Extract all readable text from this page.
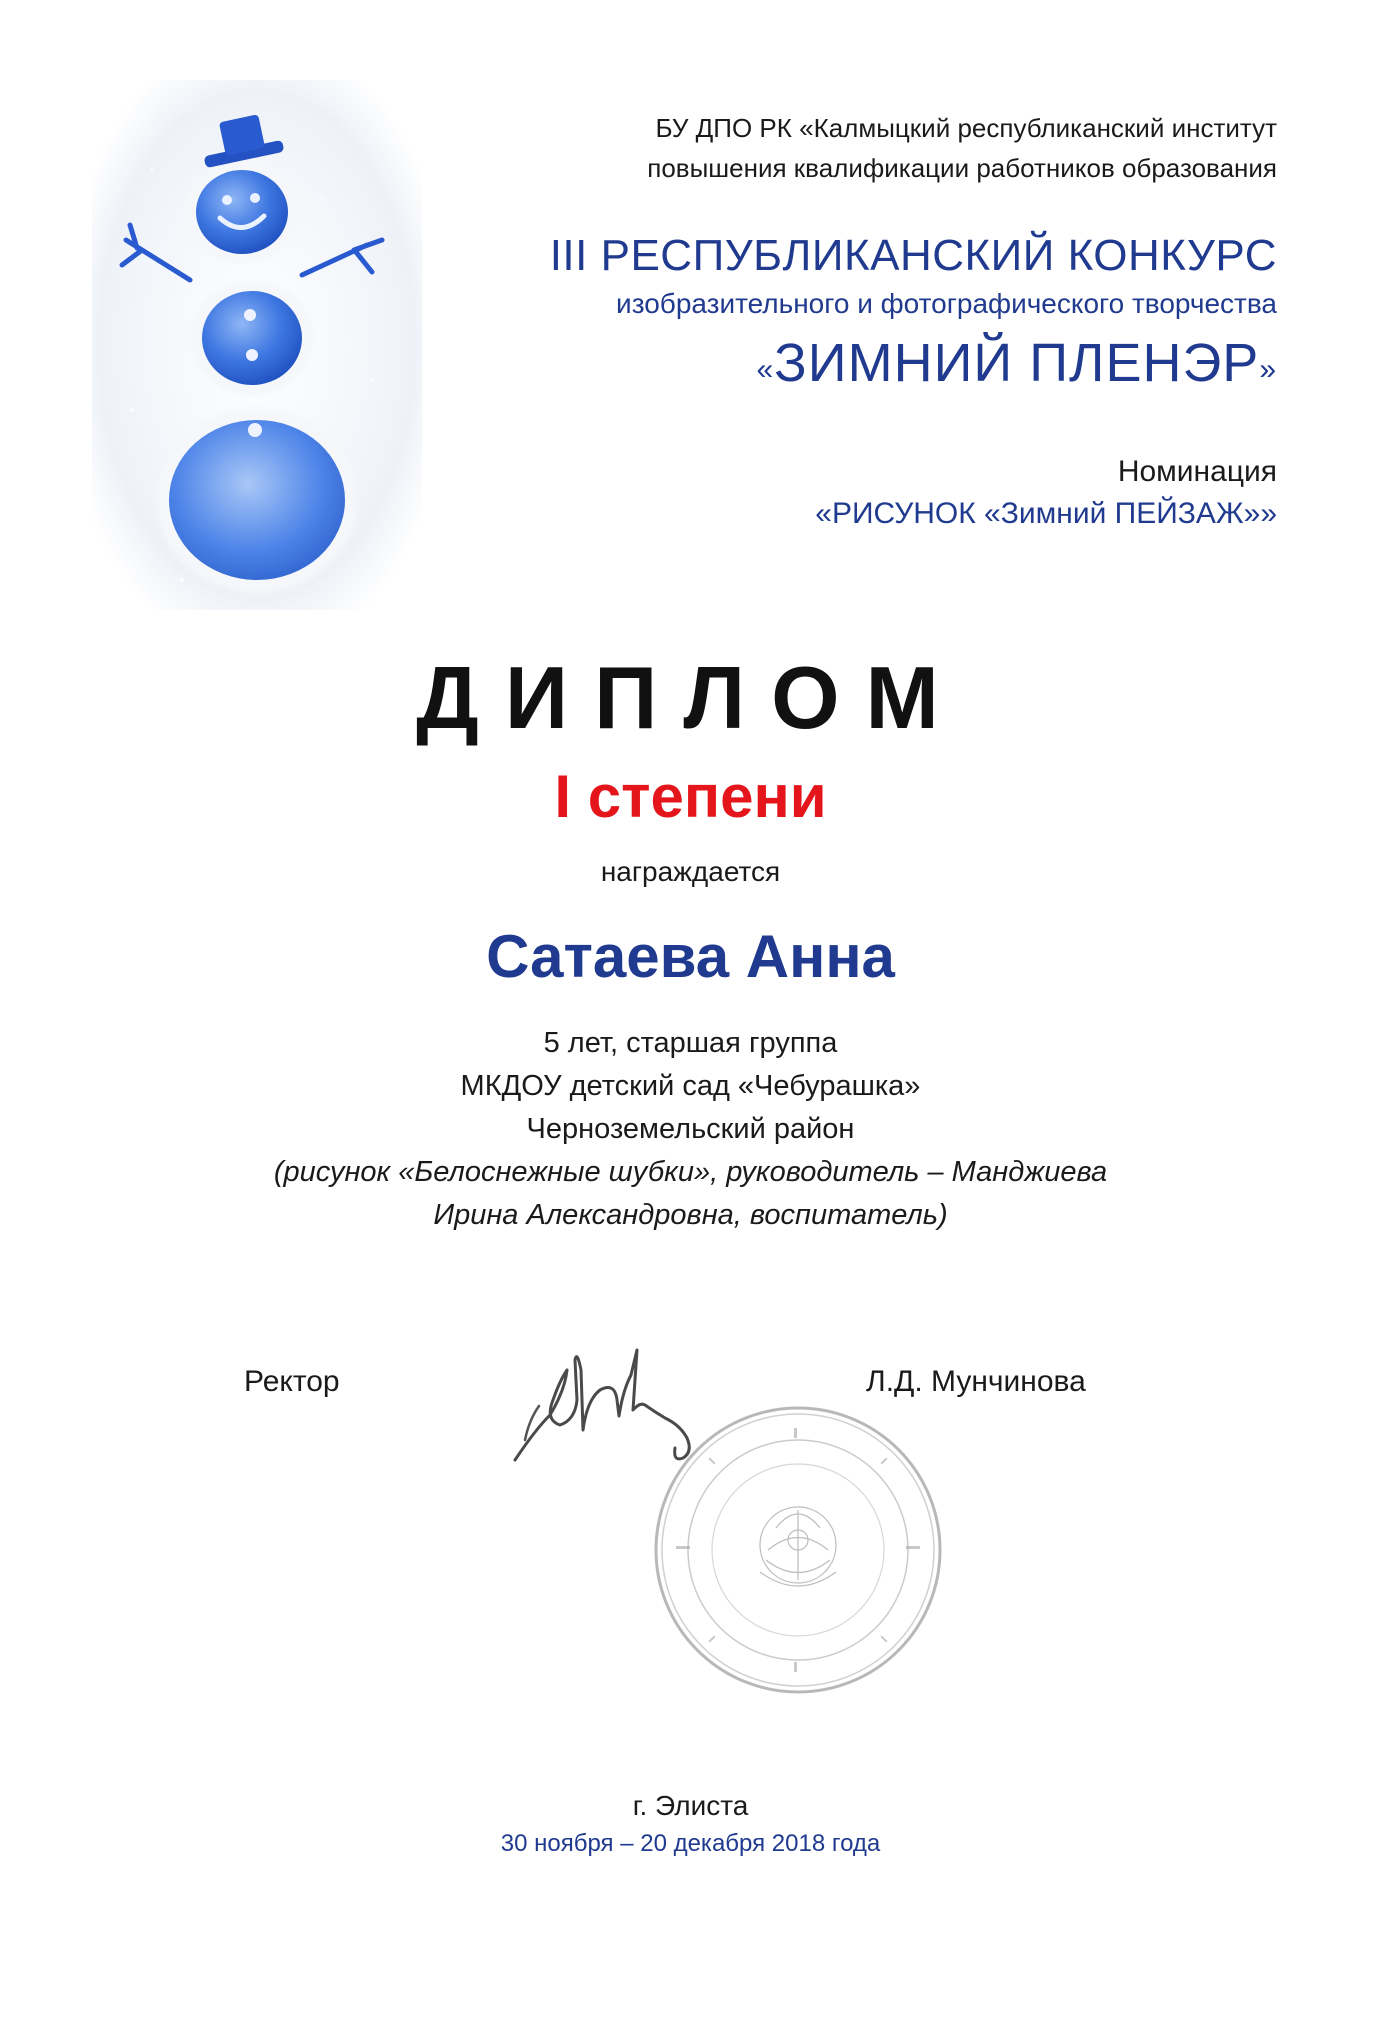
БУ ДПО РК «Калмыцкий республиканский институт
повышения квалификации работников образования
III РЕСПУБЛИКАНСКИЙ КОНКУРС
изобразительного и фотографического творчества
«ЗИМНИЙ ПЛЕНЭР»
Номинация
«РИСУНОК «Зимний ПЕЙЗАЖ»»
ДИПЛОМ
I степени
награждается
Сатаева Анна
5 лет, старшая группа
МКДОУ детский сад «Чебурашка»
Черноземельский район
(рисунок «Белоснежные шубки», руководитель – Манджиева
Ирина Александровна, воспитатель)
Ректор	Л.Д. Мунчинова
г. Элиста
30 ноября – 20 декабря 2018 года
